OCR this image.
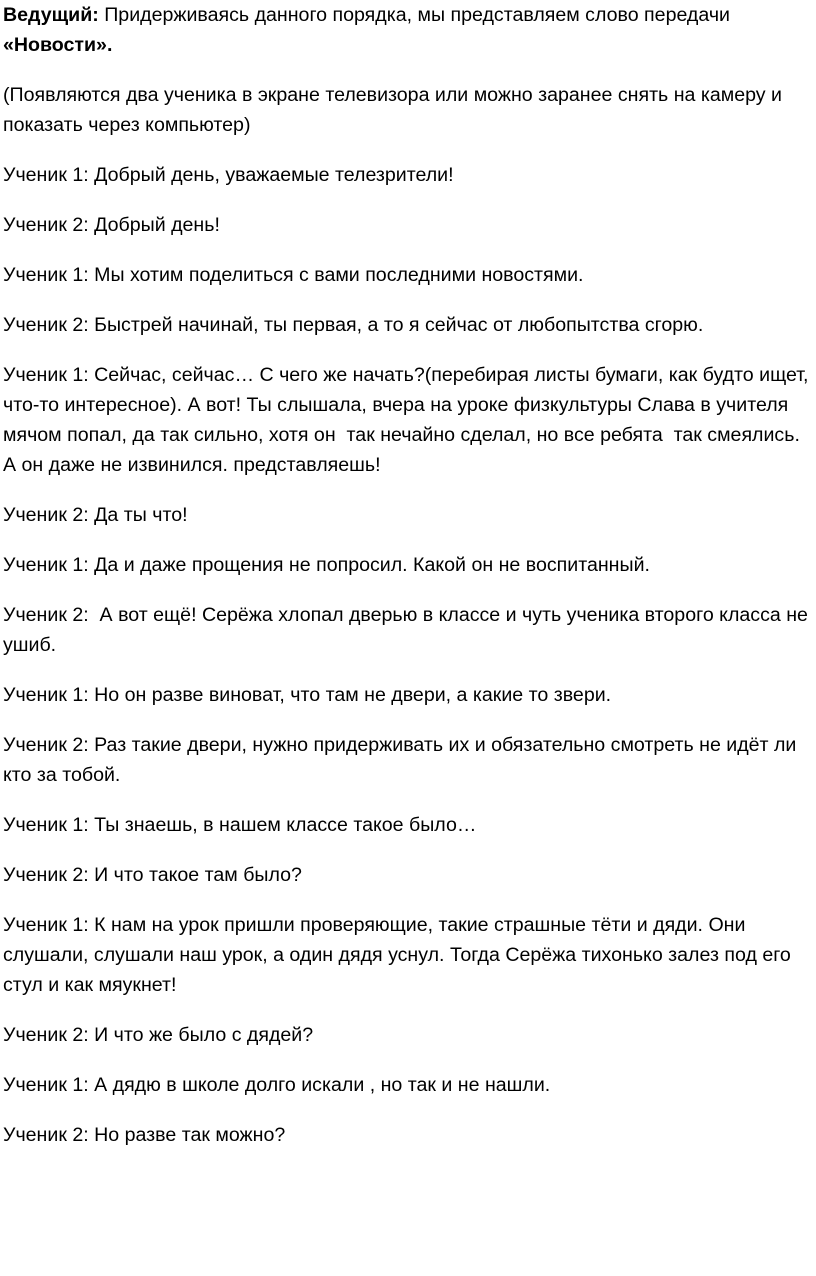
Ведущий: Придерживаясь данного порядка, мы представляем слово передачи «Новости».
(Появляются два ученика в экране телевизора или можно заранее снять на камеру и показать через компьютер)
Ученик 1: Добрый день, уважаемые телезрители!
Ученик 2: Добрый день!
Ученик 1: Мы хотим поделиться с вами последними новостями.
Ученик 2: Быстрей начинай, ты первая, а то я сейчас от любопытства сгорю.
Ученик 1: Сейчас, сейчас… С чего же начать?(перебирая листы бумаги, как будто ищет, что-то интересное). А вот! Ты слышала, вчера на уроке физкультуры Слава в учителя мячом попал, да так сильно, хотя он  так нечайно сделал, но все ребята  так смеялись. А он даже не извинился. представляешь!
Ученик 2: Да ты что!
Ученик 1: Да и даже прощения не попросил. Какой он не воспитанный.
Ученик 2:  А вот ещё! Серёжа хлопал дверью в классе и чуть ученика второго класса не ушиб.
Ученик 1: Но он разве виноват, что там не двери, а какие то звери.
Ученик 2: Раз такие двери, нужно придерживать их и обязательно смотреть не идёт ли кто за тобой.
Ученик 1: Ты знаешь, в нашем классе такое было…
Ученик 2: И что такое там было?
Ученик 1: К нам на урок пришли проверяющие, такие страшные тёти и дяди. Они слушали, слушали наш урок, а один дядя уснул. Тогда Серёжа тихонько залез под его стул и как мяукнет!
Ученик 2: И что же было с дядей?
Ученик 1: А дядю в школе долго искали , но так и не нашли.
Ученик 2: Но разве так можно?
